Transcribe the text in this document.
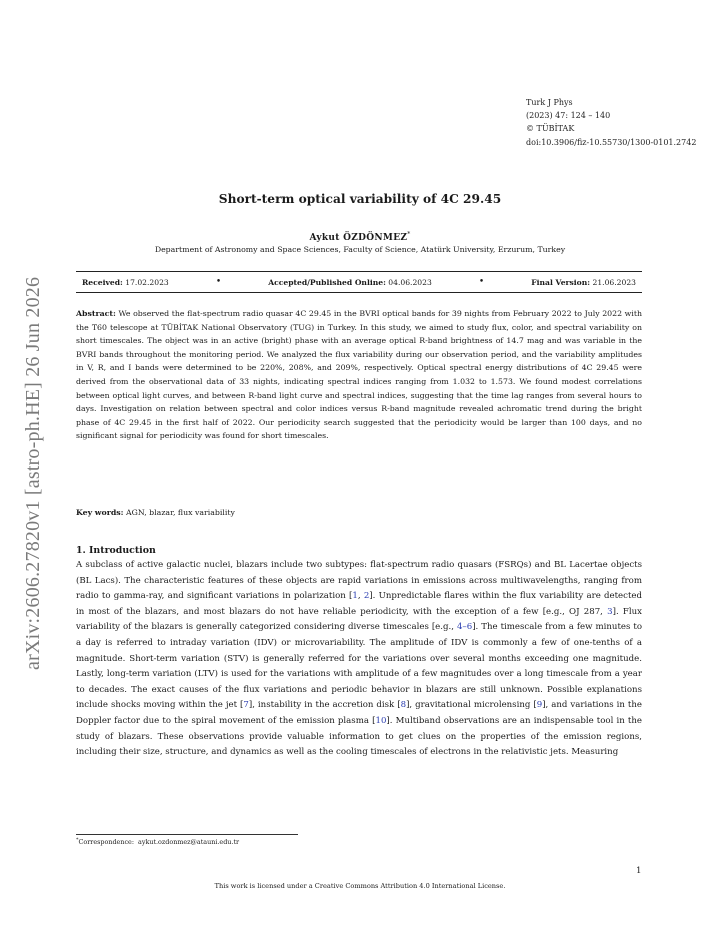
arXiv:2606.27820v1 [astro-ph.HE] 26 Jun 2026
Turk J Phys
(2023) 47: 124 – 140
© TÜBİTAK
doi:10.3906/fiz-10.55730/1300-0101.2742
Short-term optical variability of 4C 29.45
Aykut ÖZDÖNMEZ*
Department of Astronomy and Space Sciences, Faculty of Science, Atatürk University, Erzurum, Turkey
Received: 17.02.2023	•	Accepted/Published Online: 04.06.2023	•	Final Version: 21.06.2023
Abstract: We observed the flat-spectrum radio quasar 4C 29.45 in the BVRI optical bands for 39 nights from February 2022 to July 2022 with the T60 telescope at TÜBİTAK National Observatory (TUG) in Turkey. In this study, we aimed to study flux, color, and spectral variability on short timescales. The object was in an active (bright) phase with an average optical R-band brightness of 14.7 mag and was variable in the BVRI bands throughout the monitoring period. We analyzed the flux variability during our observation period, and the variability amplitudes in V, R, and I bands were determined to be 220%, 208%, and 209%, respectively. Optical spectral energy distributions of 4C 29.45 were derived from the observational data of 33 nights, indicating spectral indices ranging from 1.032 to 1.573. We found modest correlations between optical light curves, and between R-band light curve and spectral indices, suggesting that the time lag ranges from several hours to days. Investigation on relation between spectral and color indices versus R-band magnitude revealed achromatic trend during the bright phase of 4C 29.45 in the first half of 2022. Our periodicity search suggested that the periodicity would be larger than 100 days, and no significant signal for periodicity was found for short timescales.
Key words: AGN, blazar, flux variability
1. Introduction
A subclass of active galactic nuclei, blazars include two subtypes: flat-spectrum radio quasars (FSRQs) and BL Lacertae objects (BL Lacs). The characteristic features of these objects are rapid variations in emissions across multiwavelengths, ranging from radio to gamma-ray, and significant variations in polarization [1, 2]. Unpredictable flares within the flux variability are detected in most of the blazars, and most blazars do not have reliable periodicity, with the exception of a few [e.g., OJ 287, 3]. Flux variability of the blazars is generally categorized considering diverse timescales [e.g., 4–6]. The timescale from a few minutes to a day is referred to intraday variation (IDV) or microvariability. The amplitude of IDV is commonly a few of one-tenths of a magnitude. Short-term variation (STV) is generally referred for the variations over several months exceeding one magnitude. Lastly, long-term variation (LTV) is used for the variations with amplitude of a few magnitudes over a long timescale from a year to decades. The exact causes of the flux variations and periodic behavior in blazars are still unknown. Possible explanations include shocks moving within the jet [7], instability in the accretion disk [8], gravitational microlensing [9], and variations in the Doppler factor due to the spiral movement of the emission plasma [10]. Multiband observations are an indispensable tool in the study of blazars. These observations provide valuable information to get clues on the properties of the emission regions, including their size, structure, and dynamics as well as the cooling timescales of electrons in the relativistic jets. Measuring
*Correspondence: aykut.ozdonmez@atauni.edu.tr
1
This work is licensed under a Creative Commons Attribution 4.0 International License.
